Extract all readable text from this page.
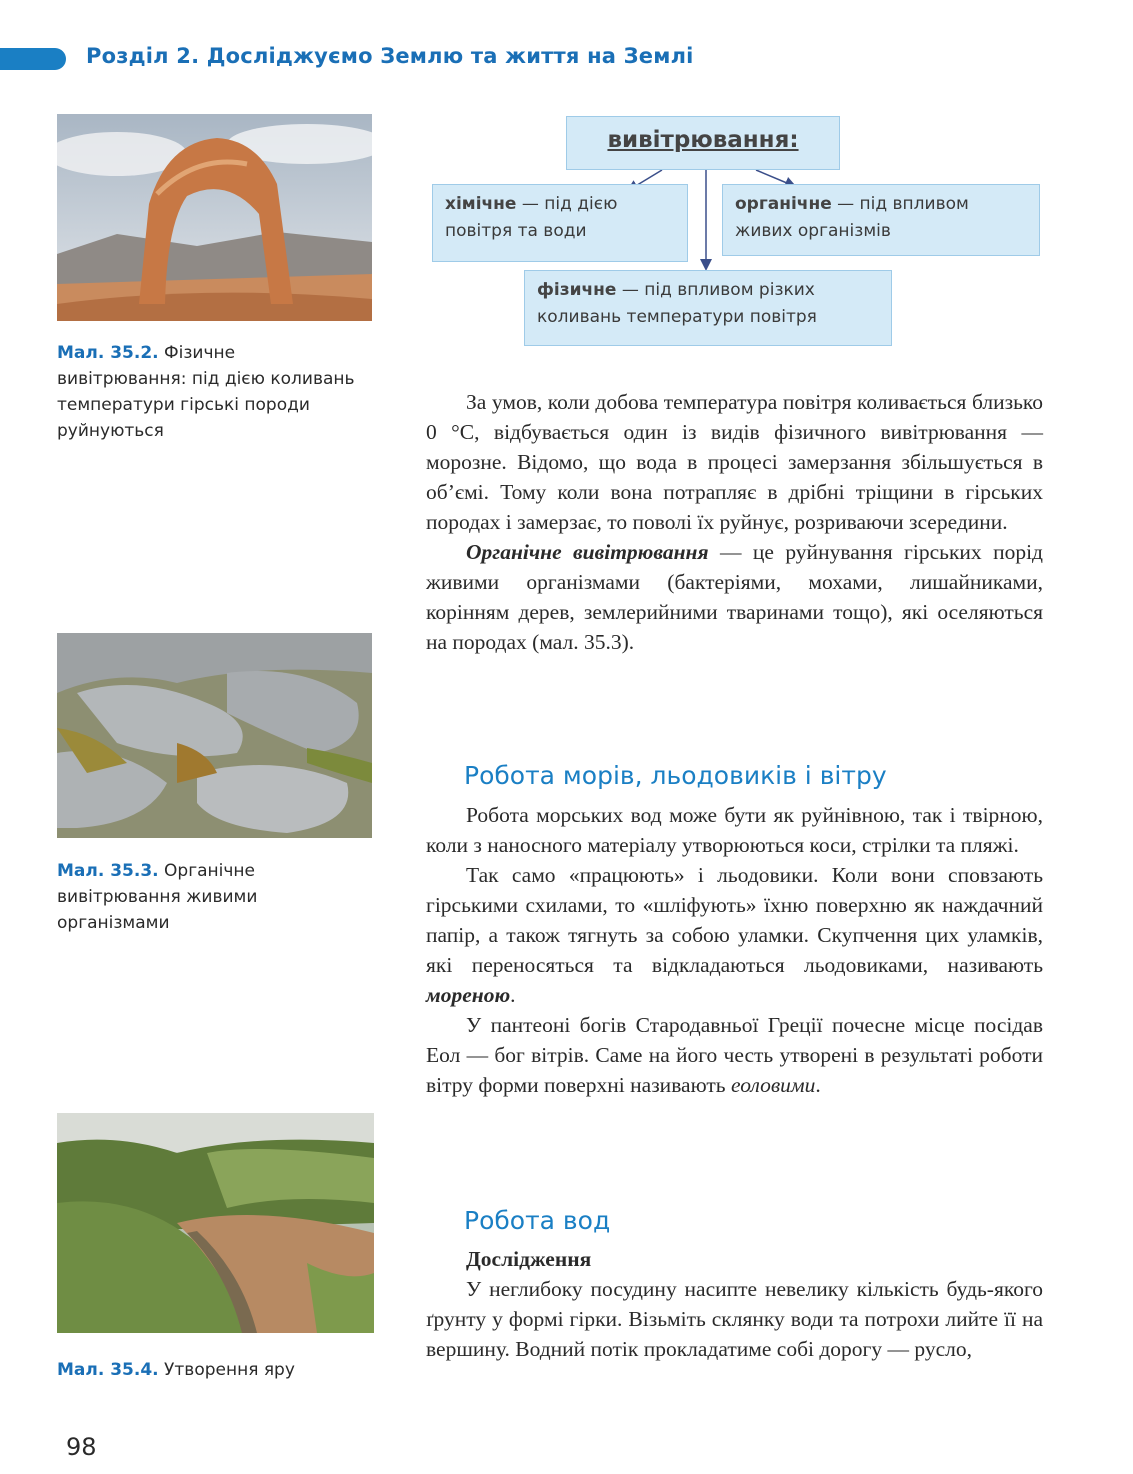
Розділ 2. Досліджуємо Землю та життя на Землі
Мал. 35.2. Фізичне вивітрювання: під дією коливань температури гірські породи руйнуються
Мал. 35.3. Органічне вивітрювання живими організмами
Мал. 35.4. Утворення яру
вивітрювання:
хімічне — під дією повітря та води
органічне — під впливом живих організмів
фізичне — під впливом різких коливань температури повітря

За умов, коли добова температура повітря коливається близько 0 °С, відбувається один із видів фізичного вивітрювання — морозне. Відомо, що вода в процесі замерзання збільшується в об’ємі. Тому коли вона потрапляє в дрібні тріщини в гірських породах і замерзає, то поволі їх руйнує, розриваючи зсередини.

Органічне вивітрювання — це руйнування гірських порід живими організмами (бактеріями, мохами, лишайниками, корінням дерев, землерийними тваринами тощо), які оселяються на породах (мал. 35.3).

Робота морів, льодовиків і вітру

Робота морських вод може бути як руйнівною, так і твірною, коли з наносного матеріалу утворюються коси, стрілки та пляжі.

Так само «працюють» і льодовики. Коли вони сповзають гірськими схилами, то «шліфують» їхню поверхню як наждачний папір, а також тягнуть за собою уламки. Скупчення цих уламків, які переносяться та відкладаються льодовиками, називають мореною.

У пантеоні богів Стародавньої Греції почесне місце посідав Еол — бог вітрів. Саме на його честь утворені в результаті роботи вітру форми поверхні називають еоловими.

Робота вод

Дослідження

У неглибоку посудину насипте невелику кількість будь-якого ґрунту у формі гірки. Візьміть склянку води та потрохи лийте її на вершину. Водний потік прокладатиме собі дорогу — русло,

98
